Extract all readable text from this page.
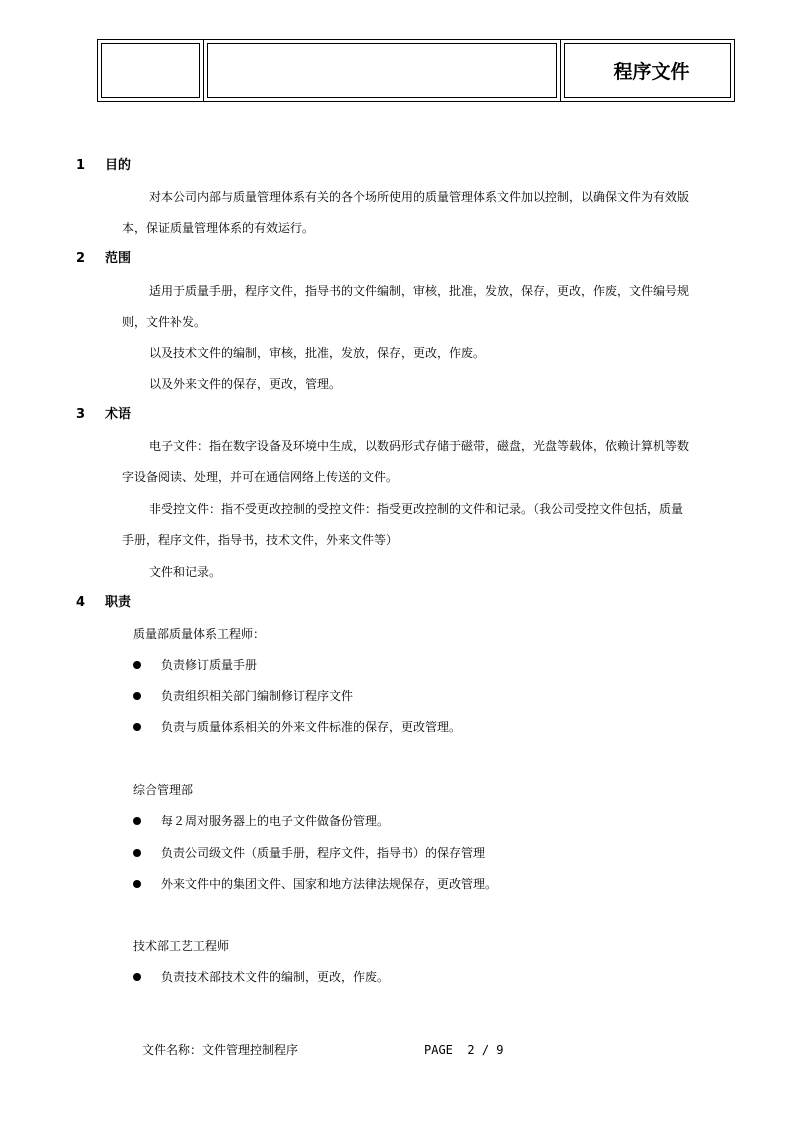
程序文件
1 目的
对本公司内部与质量管理体系有关的各个场所使用的质量管理体系文件加以控制，以确保文件为有效版
本，保证质量管理体系的有效运行。
2 范围
适用于质量手册，程序文件，指导书的文件编制，审核，批准，发放，保存，更改，作废，文件编号规
则，文件补发。
以及技术文件的编制，审核，批准，发放，保存，更改，作废。
以及外来文件的保存，更改，管理。
3 术语
电子文件：指在数字设备及环境中生成，以数码形式存储于磁带，磁盘，光盘等载体，依赖计算机等数
字设备阅读、处理，并可在通信网络上传送的文件。
非受控文件：指不受更改控制的受控文件：指受更改控制的文件和记录。（我公司受控文件包括，质量
手册，程序文件，指导书，技术文件，外来文件等）
文件和记录。
4 职责
质量部质量体系工程师：
负责修订质量手册
负责组织相关部门编制修订程序文件
负责与质量体系相关的外来文件标准的保存，更改管理。
综合管理部
每２周对服务器上的电子文件做备份管理。
负责公司级文件（质量手册，程序文件，指导书）的保存管理
外来文件中的集团文件、国家和地方法律法规保存，更改管理。
技术部工艺工程师
负责技术部技术文件的编制，更改，作废。
文件名称：文件管理控制程序	PAGE 2 / 9
